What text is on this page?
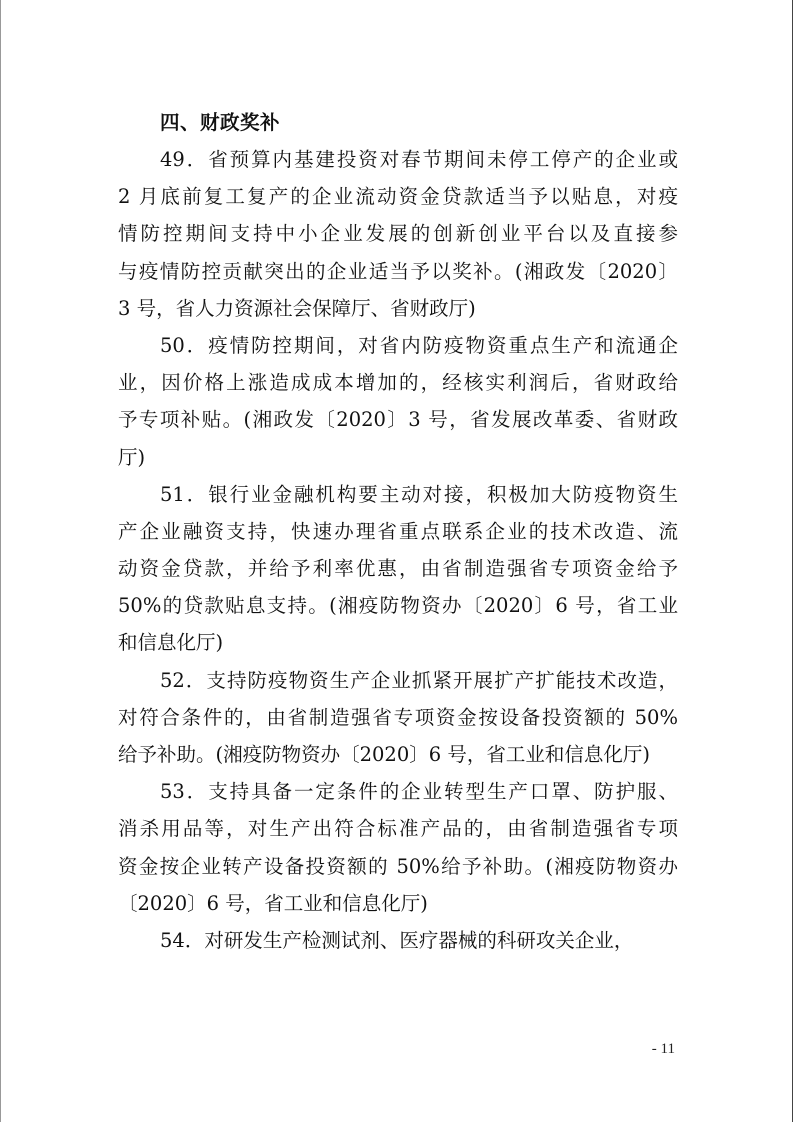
四、财政奖补
49．省预算内基建投资对春节期间未停工停产的企业或
2 月底前复工复产的企业流动资金贷款适当予以贴息，对疫
情防控期间支持中小企业发展的创新创业平台以及直接参
与疫情防控贡献突出的企业适当予以奖补。(湘政发〔2020〕
3 号，省人力资源社会保障厅、省财政厅)
50．疫情防控期间，对省内防疫物资重点生产和流通企
业，因价格上涨造成成本增加的，经核实利润后，省财政给
予专项补贴。(湘政发〔2020〕3 号，省发展改革委、省财政
厅)
51．银行业金融机构要主动对接，积极加大防疫物资生
产企业融资支持，快速办理省重点联系企业的技术改造、流
动资金贷款，并给予利率优惠，由省制造强省专项资金给予
50%的贷款贴息支持。(湘疫防物资办〔2020〕6 号，省工业
和信息化厅)
52．支持防疫物资生产企业抓紧开展扩产扩能技术改造，
对符合条件的，由省制造强省专项资金按设备投资额的 50%
给予补助。(湘疫防物资办〔2020〕6 号，省工业和信息化厅)
53．支持具备一定条件的企业转型生产口罩、防护服、
消杀用品等，对生产出符合标准产品的，由省制造强省专项
资金按企业转产设备投资额的 50%给予补助。(湘疫防物资办
〔2020〕6 号，省工业和信息化厅)
54．对研发生产检测试剂、医疗器械的科研攻关企业，
- 11
